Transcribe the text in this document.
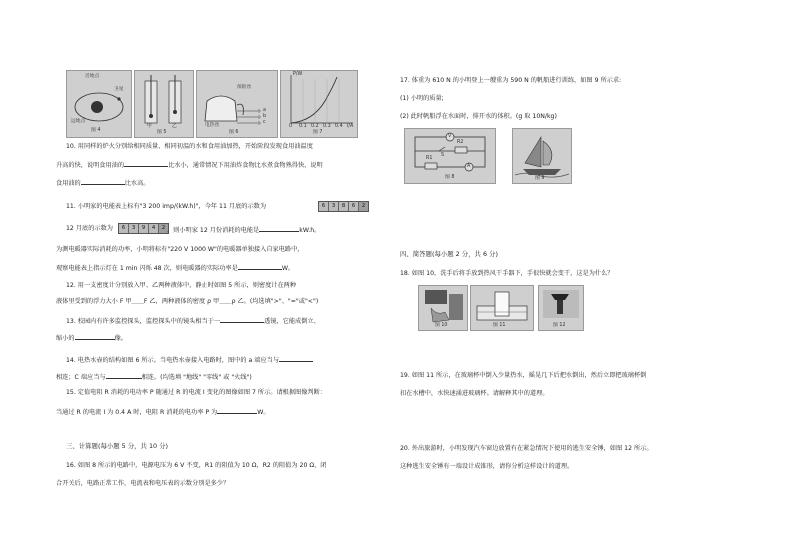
近地点
卫星
远地点
图 4
甲	乙
图 5
保险丝
电热丝
a
b
c
图 6
P/W
0 0.1 0.2 0.3 0.4 I/A
图 7
10. 用同样的炉火分别给相同质量、相同初温的水和食用油加热，开始阶段发现食用油温度
升高的快，说明食用油的	比水小，通常情况下用油炸食物比水煮食物熟得快，说明
食用油的	比水高。
11. 小明家的电能表上标有"3 200 imp/(kW.h)"，今年 11 月底的示数为	6	3	8	6	2
12 月底的示数为	6	3	9	4	2 ，则小明家 12 月份消耗的电能是	kW.h。
为测电暖器实际消耗的功率，小明将标有"220 V 1000 W"的电暖器单独接入自家电路中，
观察电能表上指示灯在 1 min 闪烁 48 次，则电暖器的实际功率是	W。
12. 用一支密度计分别放入甲、乙两种液体中，静止时如图 5 所示，则密度计在两种
液体里受到的浮力大小 F 甲＿＿F 乙，两种液体的密度 ρ 甲＿＿ρ 乙。(均选填">"、"="或"<")
13. 校园内有许多监控探头，监控探头中的镜头相当于一	透镜，它能成倒立、
缩小的	像。
14. 电热水壶的结构如图 6 所示。当电热水壶接入电路时，图中的 a 端应当与
相连；C 端应当与	相连。(均选填 "地线" "零线" 或 "火线")
15. 定值电阻 R 消耗的电功率 P 随通过 R 的电流 I 变化的图像如图 7 所示。请根据图像判断：
当通过 R 的电流 I 为 0.4 A 时，电阻 R 消耗的电功率 P 为	W。
三、计算题(每小题 5 分，共 10 分)
16. 如图 8 所示的电路中，电源电压为 6 V 不变，R1 的阻值为 10 Ω，R2 的阻值为 20 Ω，闭
合开关后，电路正常工作，电流表和电压表的示数分别是多少？
17. 体重为 610 N 的小明登上一艘重为 590 N 的帆船进行训练，如图 9 所示求:
(1) 小明的质量;
(2) 此时帆船浮在水面时，排开水的体积。(g 取 10N/kg)
V
S
R1
R2
A
图 8	图 9
四、简答题(每小题 2 分，共 6 分)
18. 如图 10，洗手后将手放到热风干手器下，手很快就会变干，这是为什么？
图 10	图 11	图 12
19. 如图 11 所示，在玻璃杯中倒入少量热水，摇晃几下后把水倒出，然后立即把玻璃杯倒
扣在水槽中，水快速涌进玻璃杯。请解释其中的道理。
20. 外出旅游时，小明发现汽车窗边放置有在紧急情况下使用的逃生安全锤，如图 12 所示。
这种逃生安全锤有一端设计成锥形，请你分析这样设计的道理。
